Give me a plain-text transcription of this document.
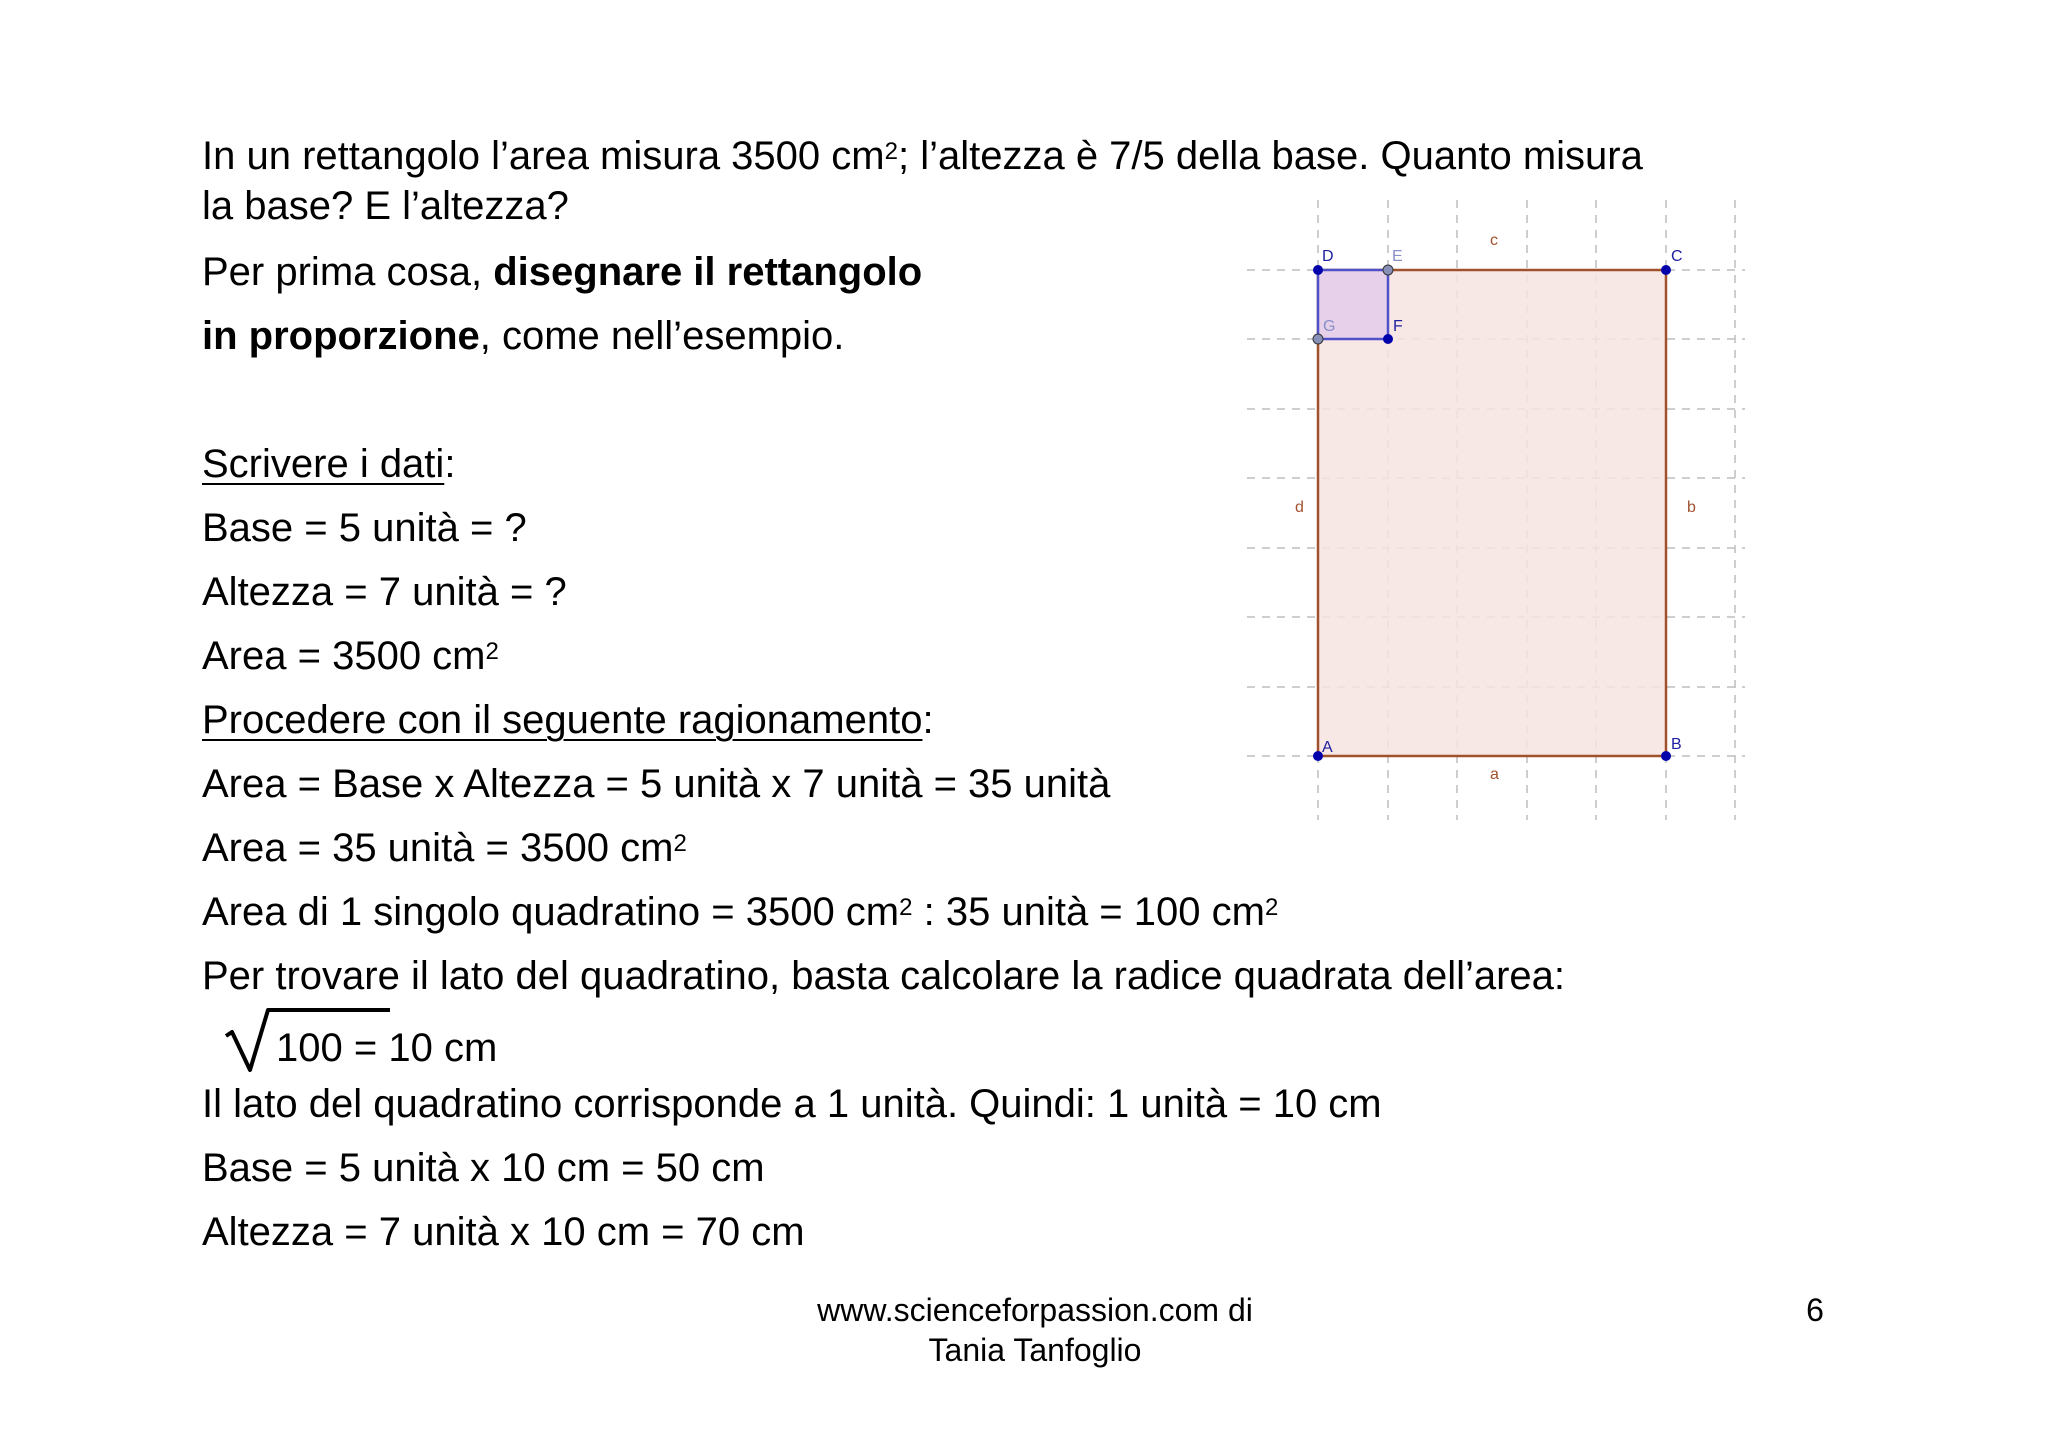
In un rettangolo l’area misura 3500 $cm^2$; l’altezza è 7/5 della base. Quanto misura
la base? E l’altezza?
Per prima cosa, disegnare il rettangolo
in proporzione, come nell’esempio.
Scrivere i dati:
Base = 5 unità = ?
Altezza = 7 unità = ?
Area = 3500 $cm^2$
Procedere con il seguente ragionamento:
Area = Base x Altezza = 5 unità x 7 unità = 35 unità
Area = 35 unità = 3500 $cm^2$
Area di 1 singolo quadratino = 3500 $cm^2$ : 35 unità = 100 $cm^2$
Per trovare il lato del quadratino, basta calcolare la radice quadrata dell’area:
100 = 10 cm
Il lato del quadratino corrisponde a 1 unità. Quindi: 1 unità = 10 cm
Base = 5 unità x 10 cm = 50 cm
Altezza = 7 unità x 10 cm = 70 cm
A	B
C
D	E
F
G
a
b
c
d
www.scienceforpassion.com di
Tania Tanfoglio
6
